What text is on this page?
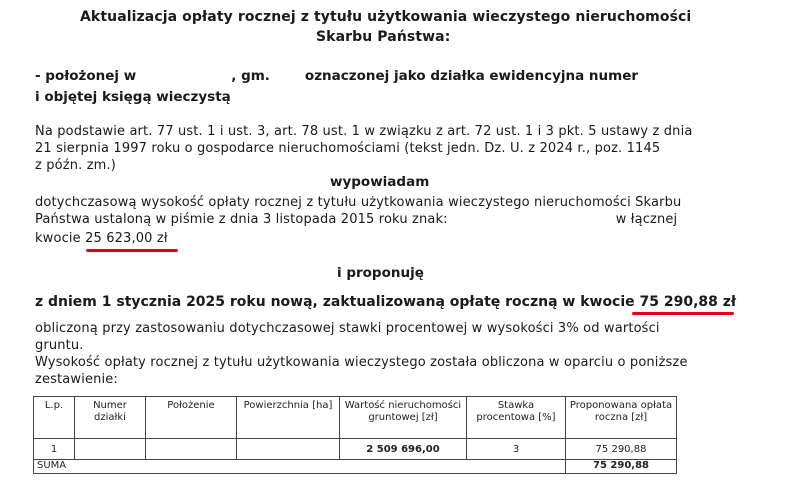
Aktualizacja opłaty rocznej z tytułu użytkowania wieczystego nieruchomości
Skarbu Państwa:
- położonej w	, gm.	oznaczonej jako działka ewidencyjna numer
i objętej księgą wieczystą
Na podstawie art. 77 ust. 1 i ust. 3, art. 78 ust. 1 w związku z art. 72 ust. 1 i 3 pkt. 5 ustawy z dnia
21 sierpnia 1997 roku o gospodarce nieruchomościami (tekst jedn. Dz. U. z 2024 r., poz. 1145
z późn. zm.)
wypowiadam
dotychczasową wysokość opłaty rocznej z tytułu użytkowania wieczystego nieruchomości Skarbu
Państwa ustaloną w piśmie z dnia 3 listopada 2015 roku znak:	w łącznej
kwocie 25 623,00 zł
i proponuję
z dniem 1 stycznia 2025 roku nową, zaktualizowaną opłatę roczną w kwocie 75 290,88 zł
obliczoną przy zastosowaniu dotychczasowej stawki procentowej w wysokości 3% od wartości
gruntu.
Wysokość opłaty rocznej z tytułu użytkowania wieczystego została obliczona w oparciu o poniższe
zestawienie:
L.p.	Numer działki	Położenie	Powierzchnia [ha]	Wartość nieruchomości gruntowej [zł]	Stawka procentowa [%]	Proponowana opłata roczna [zł]
1				2 509 696,00	3	75 290,88
SUMA						75 290,88
